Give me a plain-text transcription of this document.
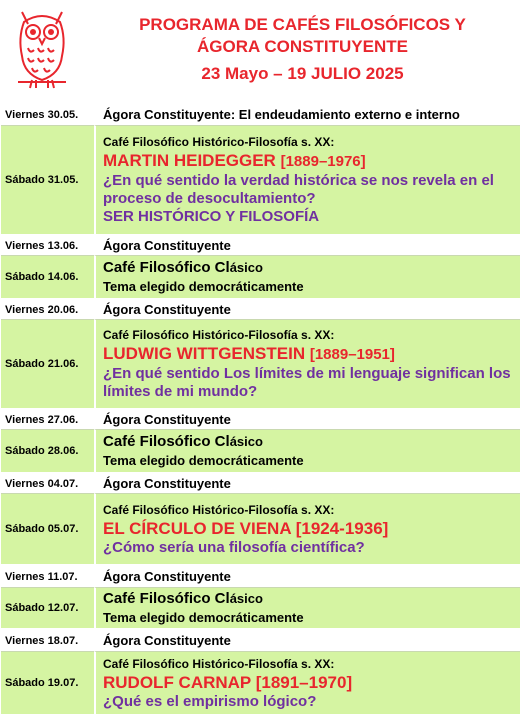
PROGRAMA DE CAFÉS FILOSÓFICOS Y
ÁGORA CONSTITUYENTE
23 Mayo – 19 JULIO 2025
Viernes 30.05.	Ágora Constituyente: El endeudamiento externo e interno
Sábado 31.05.	Café Filosófico Histórico-Filosofía s. XX:
MARTIN HEIDEGGER [1889–1976]
¿En qué sentido la verdad histórica se nos revela en el proceso de desocultamiento?
SER HISTÓRICO Y FILOSOFÍA

Viernes 13.06.	Ágora Constituyente
Sábado 14.06.	Café Filosófico Clásico
Tema elegido democráticamente

Viernes 20.06.	Ágora Constituyente
Sábado 21.06.	Café Filosófico Histórico-Filosofía s. XX:
LUDWIG WITTGENSTEIN [1889–1951]
¿En qué sentido Los límites de mi lenguaje significan los límites de mi mundo?

Viernes 27.06.	Ágora Constituyente
Sábado 28.06.	Café Filosófico Clásico
Tema elegido democráticamente

Viernes 04.07.	Ágora Constituyente
Sábado 05.07.	Café Filosófico Histórico-Filosofía s. XX:
EL CÍRCULO DE VIENA [1924-1936]
¿Cómo sería una filosofía científica?

Viernes 11.07.	Ágora Constituyente
Sábado 12.07.	Café Filosófico Clásico
Tema elegido democráticamente

Viernes 18.07.	Ágora Constituyente
Sábado 19.07.	Café Filosófico Histórico-Filosofía s. XX:
RUDOLF CARNAP [1891–1970]
¿Qué es el empirismo lógico?
